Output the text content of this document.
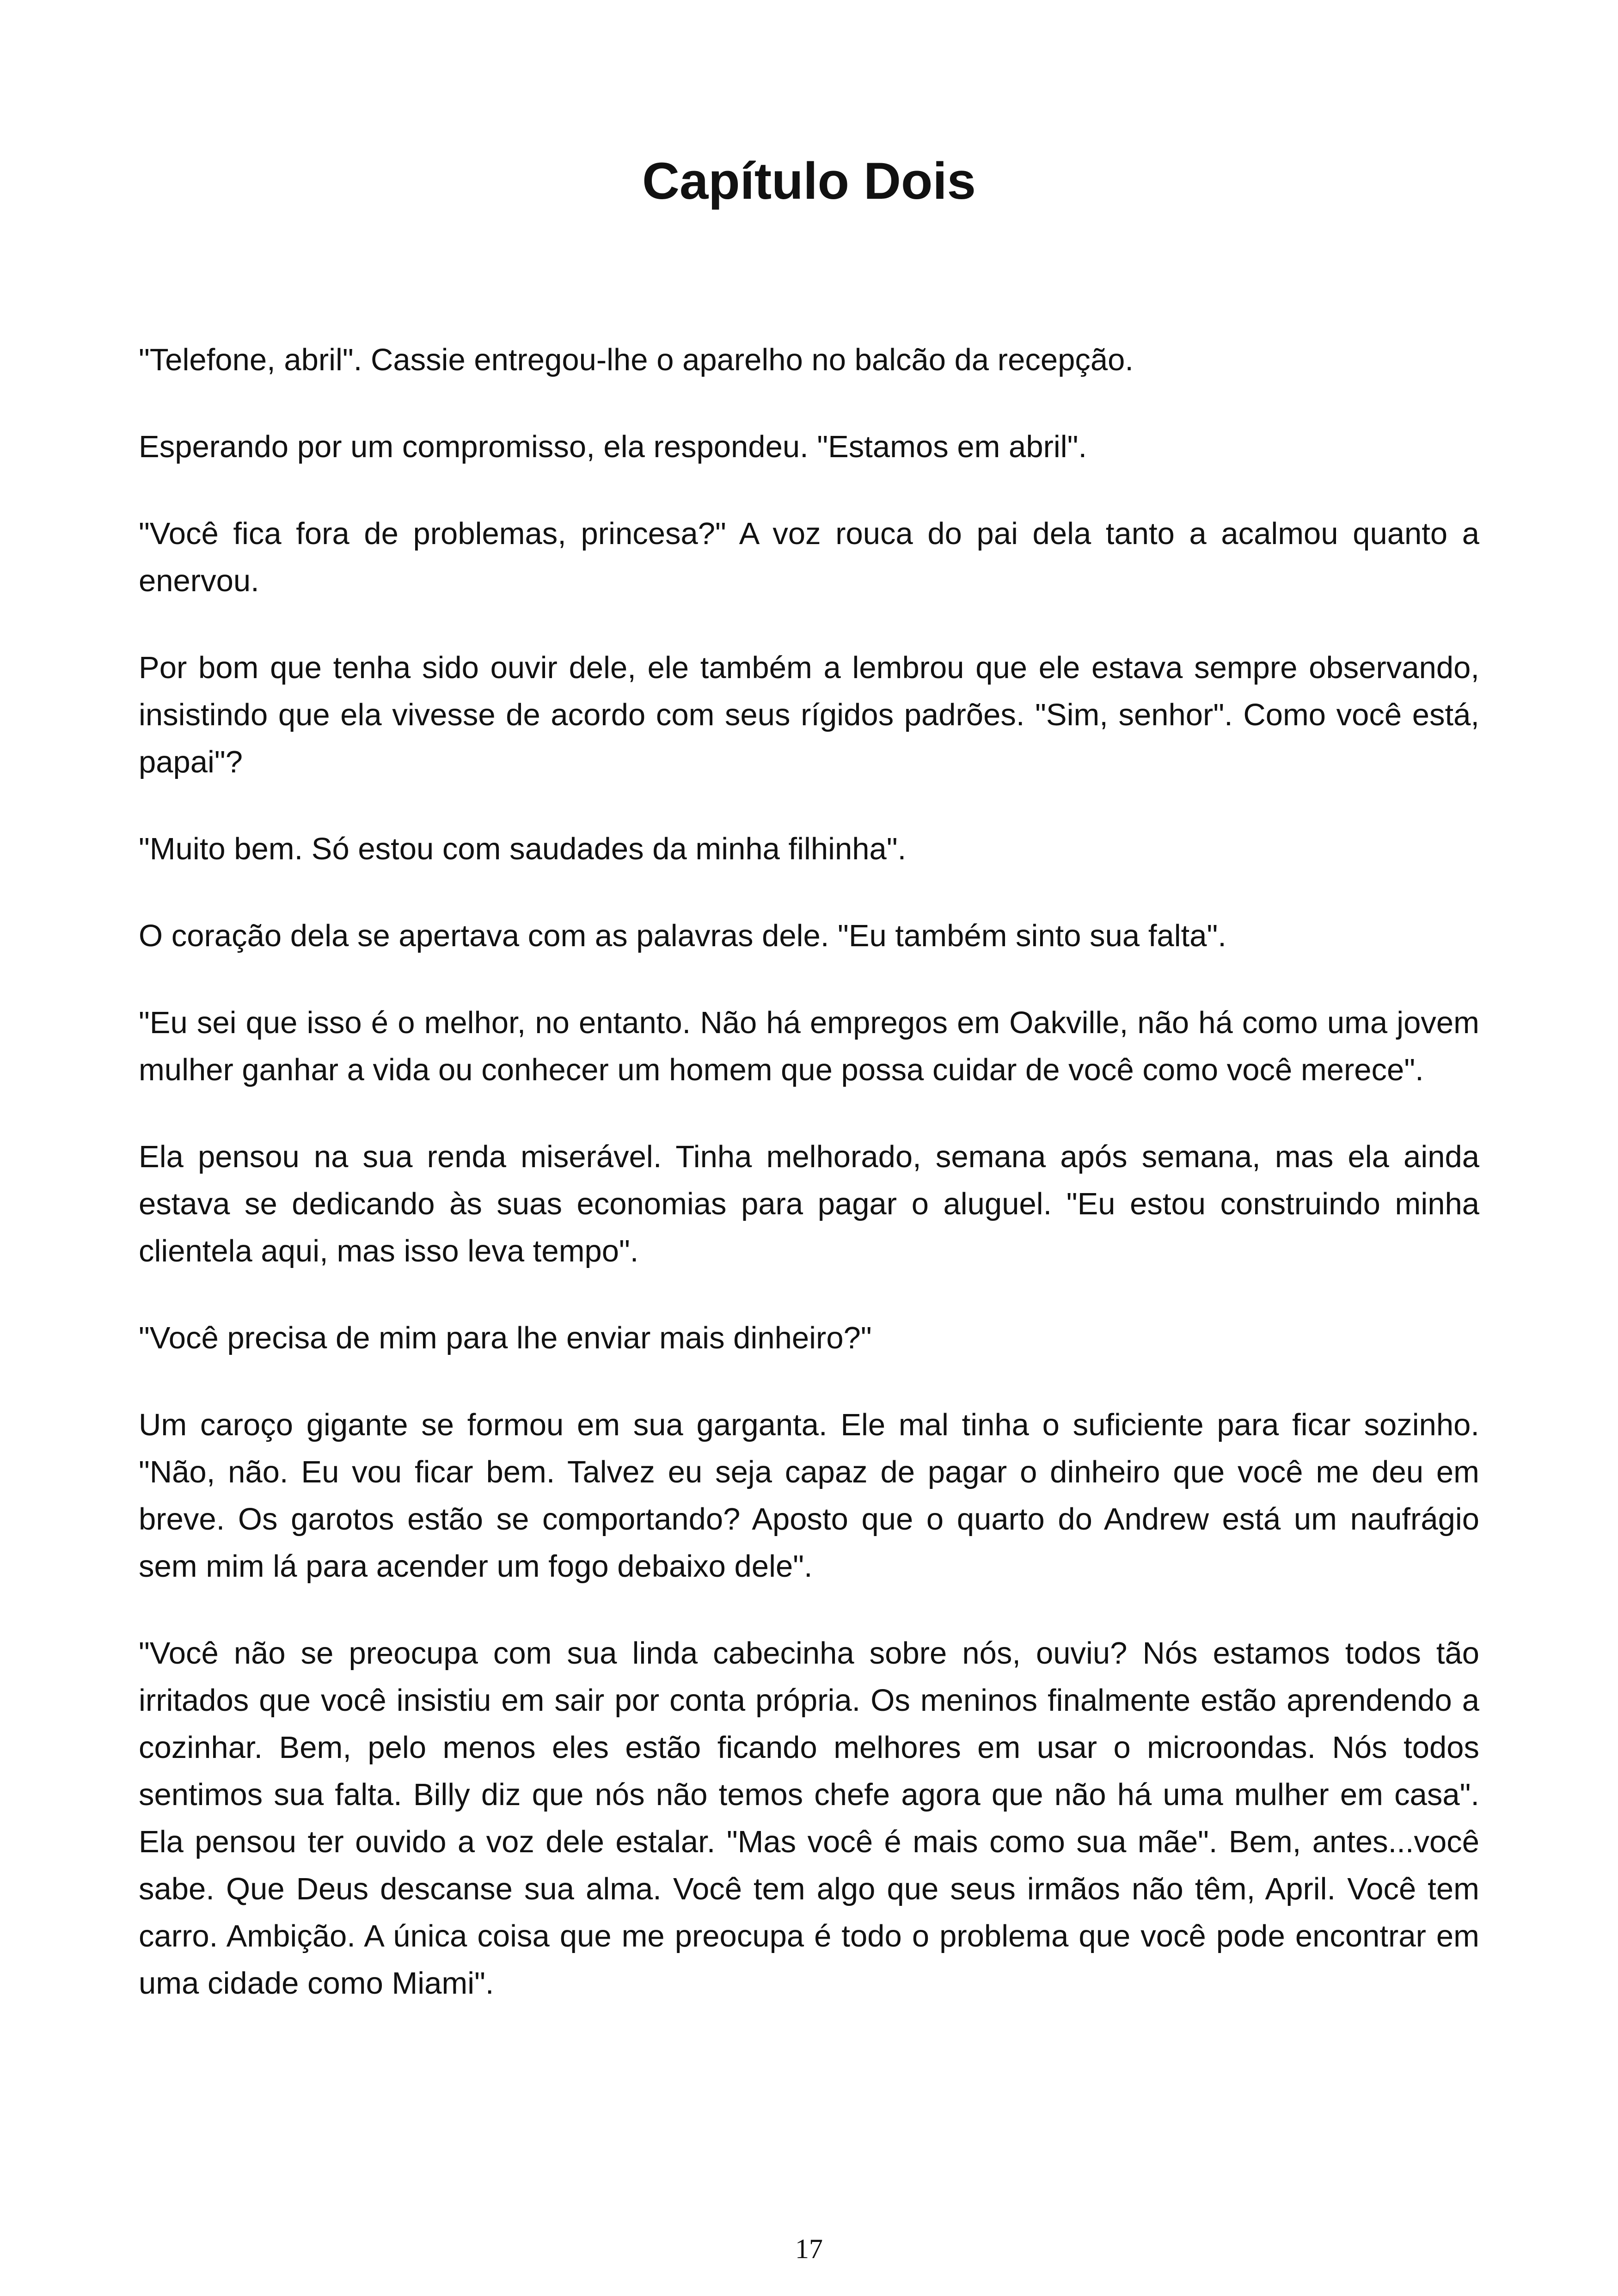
Capítulo Dois

"Telefone, abril". Cassie entregou-lhe o aparelho no balcão da recepção.

Esperando por um compromisso, ela respondeu. "Estamos em abril".

"Você fica fora de problemas, princesa?" A voz rouca do pai dela tanto a acalmou quanto a enervou.

Por bom que tenha sido ouvir dele, ele também a lembrou que ele estava sempre observando, insistindo que ela vivesse de acordo com seus rígidos padrões. "Sim, senhor". Como você está, papai"?

"Muito bem. Só estou com saudades da minha filhinha".

O coração dela se apertava com as palavras dele. "Eu também sinto sua falta".

"Eu sei que isso é o melhor, no entanto. Não há empregos em Oakville, não há como uma jovem mulher ganhar a vida ou conhecer um homem que possa cuidar de você como você merece".

Ela pensou na sua renda miserável. Tinha melhorado, semana após semana, mas ela ainda estava se dedicando às suas economias para pagar o aluguel. "Eu estou construindo minha clientela aqui, mas isso leva tempo".

"Você precisa de mim para lhe enviar mais dinheiro?"

Um caroço gigante se formou em sua garganta. Ele mal tinha o suficiente para ficar sozinho. "Não, não. Eu vou ficar bem. Talvez eu seja capaz de pagar o dinheiro que você me deu em breve. Os garotos estão se comportando? Aposto que o quarto do Andrew está um naufrágio sem mim lá para acender um fogo debaixo dele".

"Você não se preocupa com sua linda cabecinha sobre nós, ouviu? Nós estamos todos tão irritados que você insistiu em sair por conta própria. Os meninos finalmente estão aprendendo a cozinhar. Bem, pelo menos eles estão ficando melhores em usar o microondas. Nós todos sentimos sua falta. Billy diz que nós não temos chefe agora que não há uma mulher em casa". Ela pensou ter ouvido a voz dele estalar. "Mas você é mais como sua mãe". Bem, antes...você sabe. Que Deus descanse sua alma. Você tem algo que seus irmãos não têm, April. Você tem carro. Ambição. A única coisa que me preocupa é todo o problema que você pode encontrar em uma cidade como Miami".

17
